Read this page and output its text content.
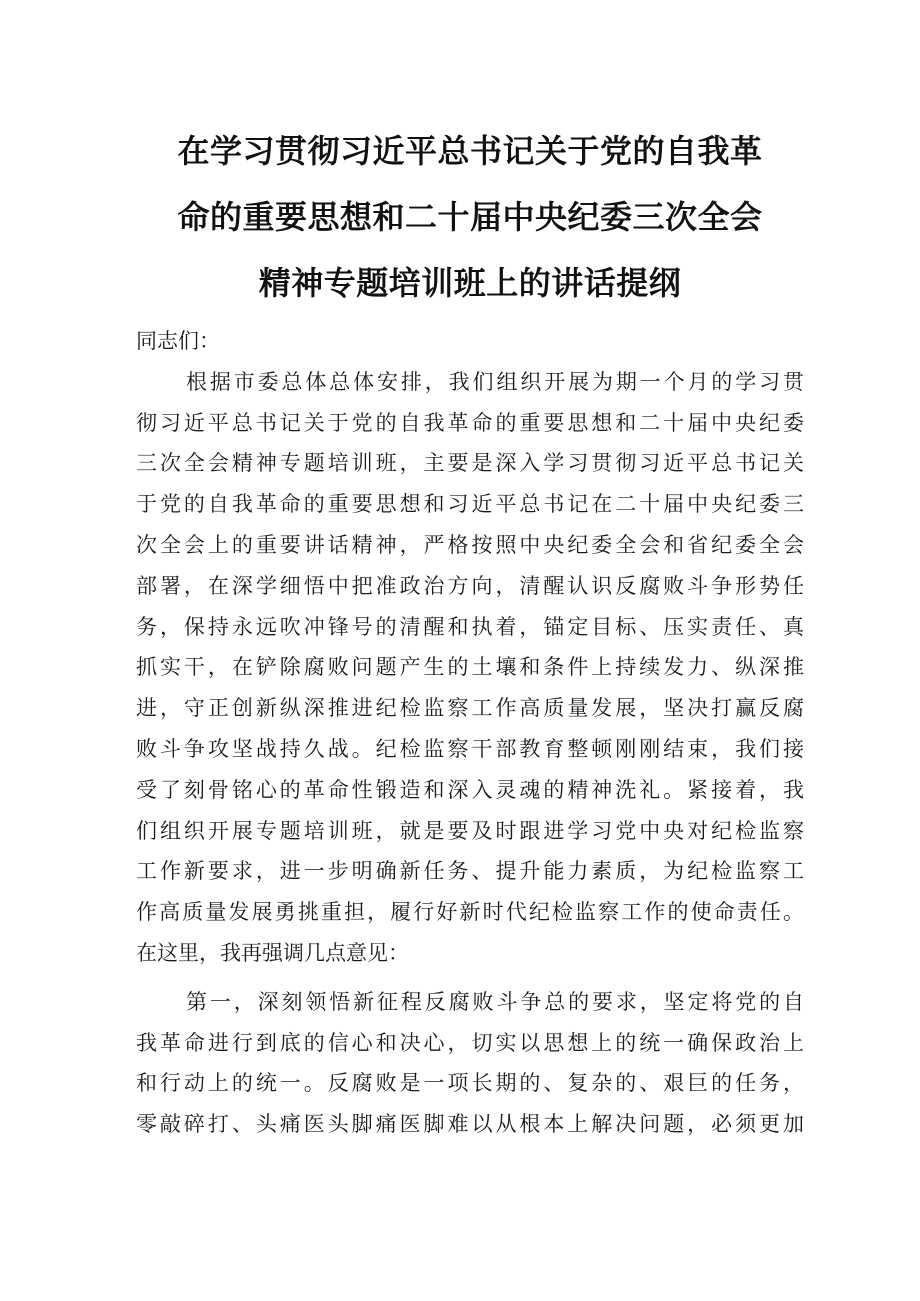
在学习贯彻习近平总书记关于党的自我革
命的重要思想和二十届中央纪委三次全会
精神专题培训班上的讲话提纲
同志们：
根据市委总体总体安排，我们组织开展为期一个月的学习贯
彻习近平总书记关于党的自我革命的重要思想和二十届中央纪委
三次全会精神专题培训班，主要是深入学习贯彻习近平总书记关
于党的自我革命的重要思想和习近平总书记在二十届中央纪委三
次全会上的重要讲话精神，严格按照中央纪委全会和省纪委全会
部署，在深学细悟中把准政治方向，清醒认识反腐败斗争形势任
务，保持永远吹冲锋号的清醒和执着，锚定目标、压实责任、真
抓实干，在铲除腐败问题产生的土壤和条件上持续发力、纵深推
进，守正创新纵深推进纪检监察工作高质量发展，坚决打赢反腐
败斗争攻坚战持久战。纪检监察干部教育整顿刚刚结束，我们接
受了刻骨铭心的革命性锻造和深入灵魂的精神洗礼。紧接着，我
们组织开展专题培训班，就是要及时跟进学习党中央对纪检监察
工作新要求，进一步明确新任务、提升能力素质，为纪检监察工
作高质量发展勇挑重担，履行好新时代纪检监察工作的使命责任。
在这里，我再强调几点意见：
第一，深刻领悟新征程反腐败斗争总的要求，坚定将党的自
我革命进行到底的信心和决心，切实以思想上的统一确保政治上
和行动上的统一。反腐败是一项长期的、复杂的、艰巨的任务，
零敲碎打、头痛医头脚痛医脚难以从根本上解决问题，必须更加
